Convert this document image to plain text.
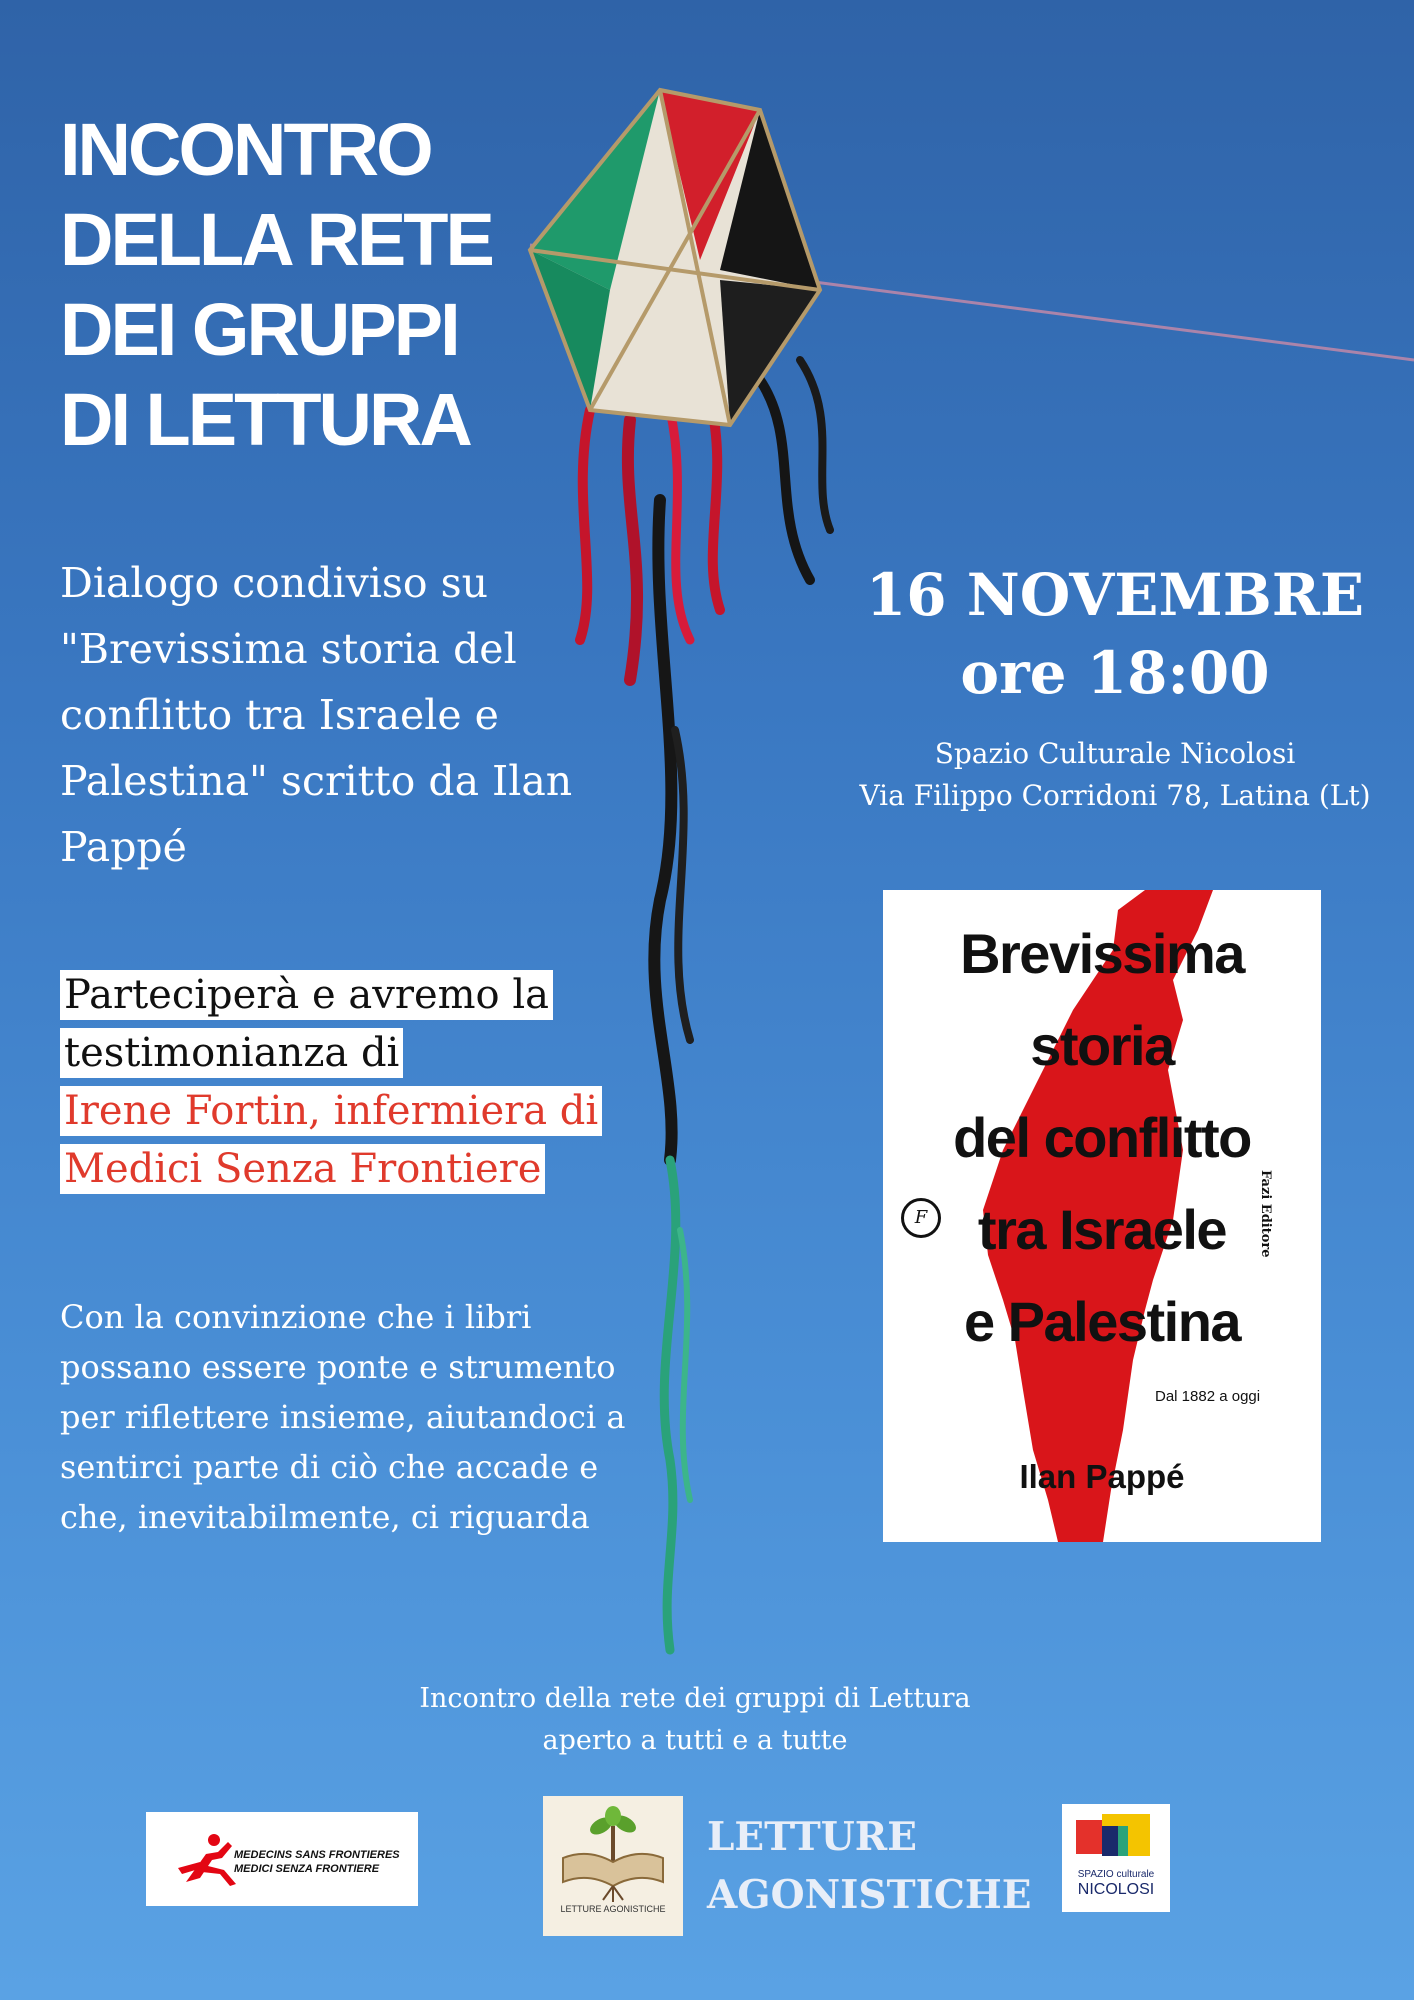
INCONTRO
DELLA RETE
DEI GRUPPI
DI LETTURA
Dialogo condiviso su "Brevissima storia del conflitto tra Israele e Palestina" scritto da Ilan Pappé
Parteciperà e avremo la
testimonianza di
Irene Fortin, infermiera di
Medici Senza Frontiere
Con la convinzione che i libri possano essere ponte e strumento per riflettere insieme, aiutandoci a sentirci parte di ciò che accade e che, inevitabilmente, ci riguarda
16 NOVEMBRE
ore 18:00
Spazio Culturale Nicolosi
Via Filippo Corridoni 78, Latina (Lt)
Brevissima
storia
del conflitto
tra Israele
e Palestina
F	Fazi Editore
Dal 1882 a oggi
Ilan Pappé
Incontro della rete dei gruppi di Lettura
aperto a tutti e a tutte
MEDECINS SANS FRONTIERES
MEDICI SENZA FRONTIERE
LETTURE AGONISTICHE
LETTURE
AGONISTICHE	SPAZIO culturale
NICOLOSI
